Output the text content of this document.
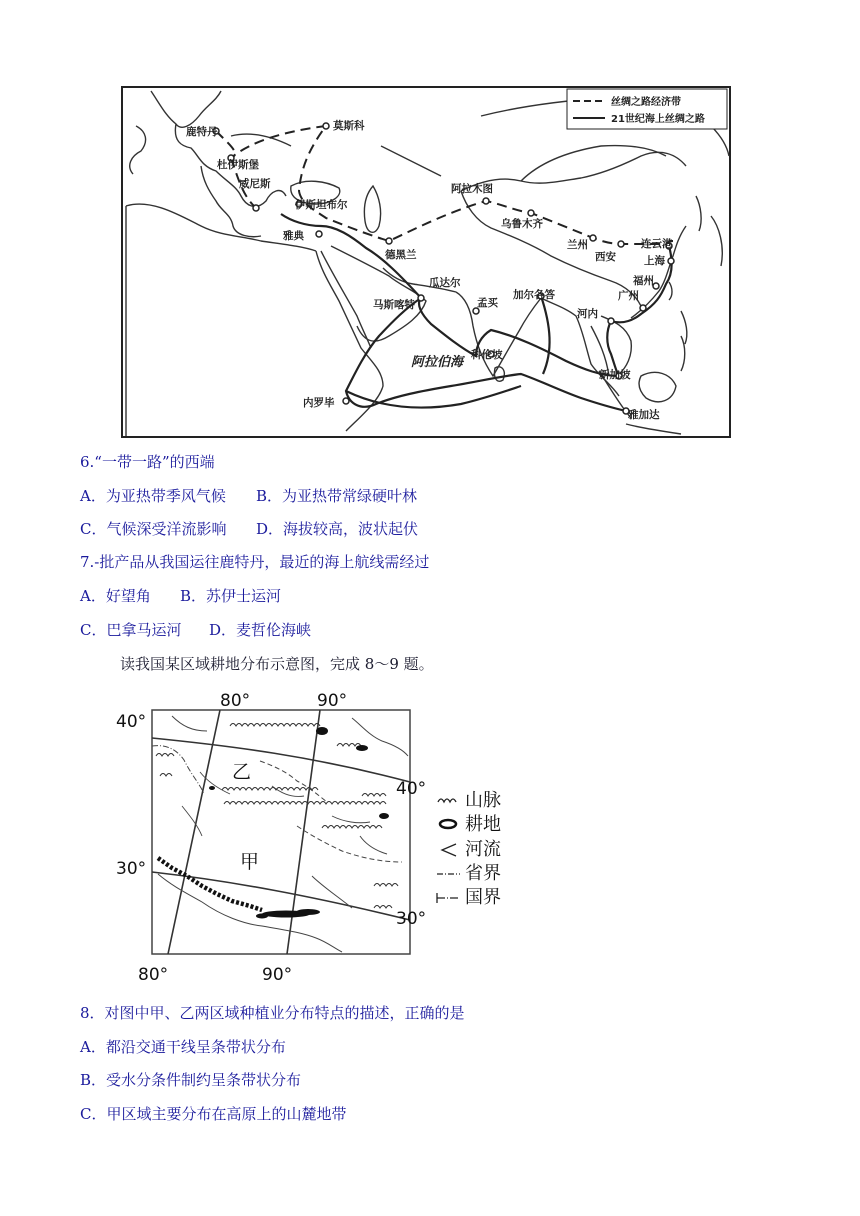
丝绸之路经济带
21世纪海上丝绸之路
鹿特丹	莫斯科
杜伊斯堡
威尼斯
伊斯坦布尔
雅典
阿拉木图
乌鲁木齐
德黑兰
兰州
西安
连云港
上海
瓜达尔
马斯喀特	孟买
加尔各答
福州
广州
河内
阿拉伯海 科伦坡
新加坡
内罗毕
雅加达
6.“一带一路”的西端
A．为亚热带季风气候 B．为亚热带常绿硬叶林
C．气候深受洋流影响 D．海拔较高，波状起伏
7.-批产品从我国运往鹿特丹，最近的海上航线需经过
A．好望角 B．苏伊士运河
C．巴拿马运河 D．麦哲伦海峡
读我国某区域耕地分布示意图，完成 8～9 题。
80°	90°
40°
40°
30°
30°
80°	90°
乙
甲
山脉
耕地
河流
省界
国界
8．对图中甲、乙两区域种植业分布特点的描述，正确的是
A．都沿交通干线呈条带状分布
B．受水分条件制约呈条带状分布
C．甲区域主要分布在高原上的山麓地带
